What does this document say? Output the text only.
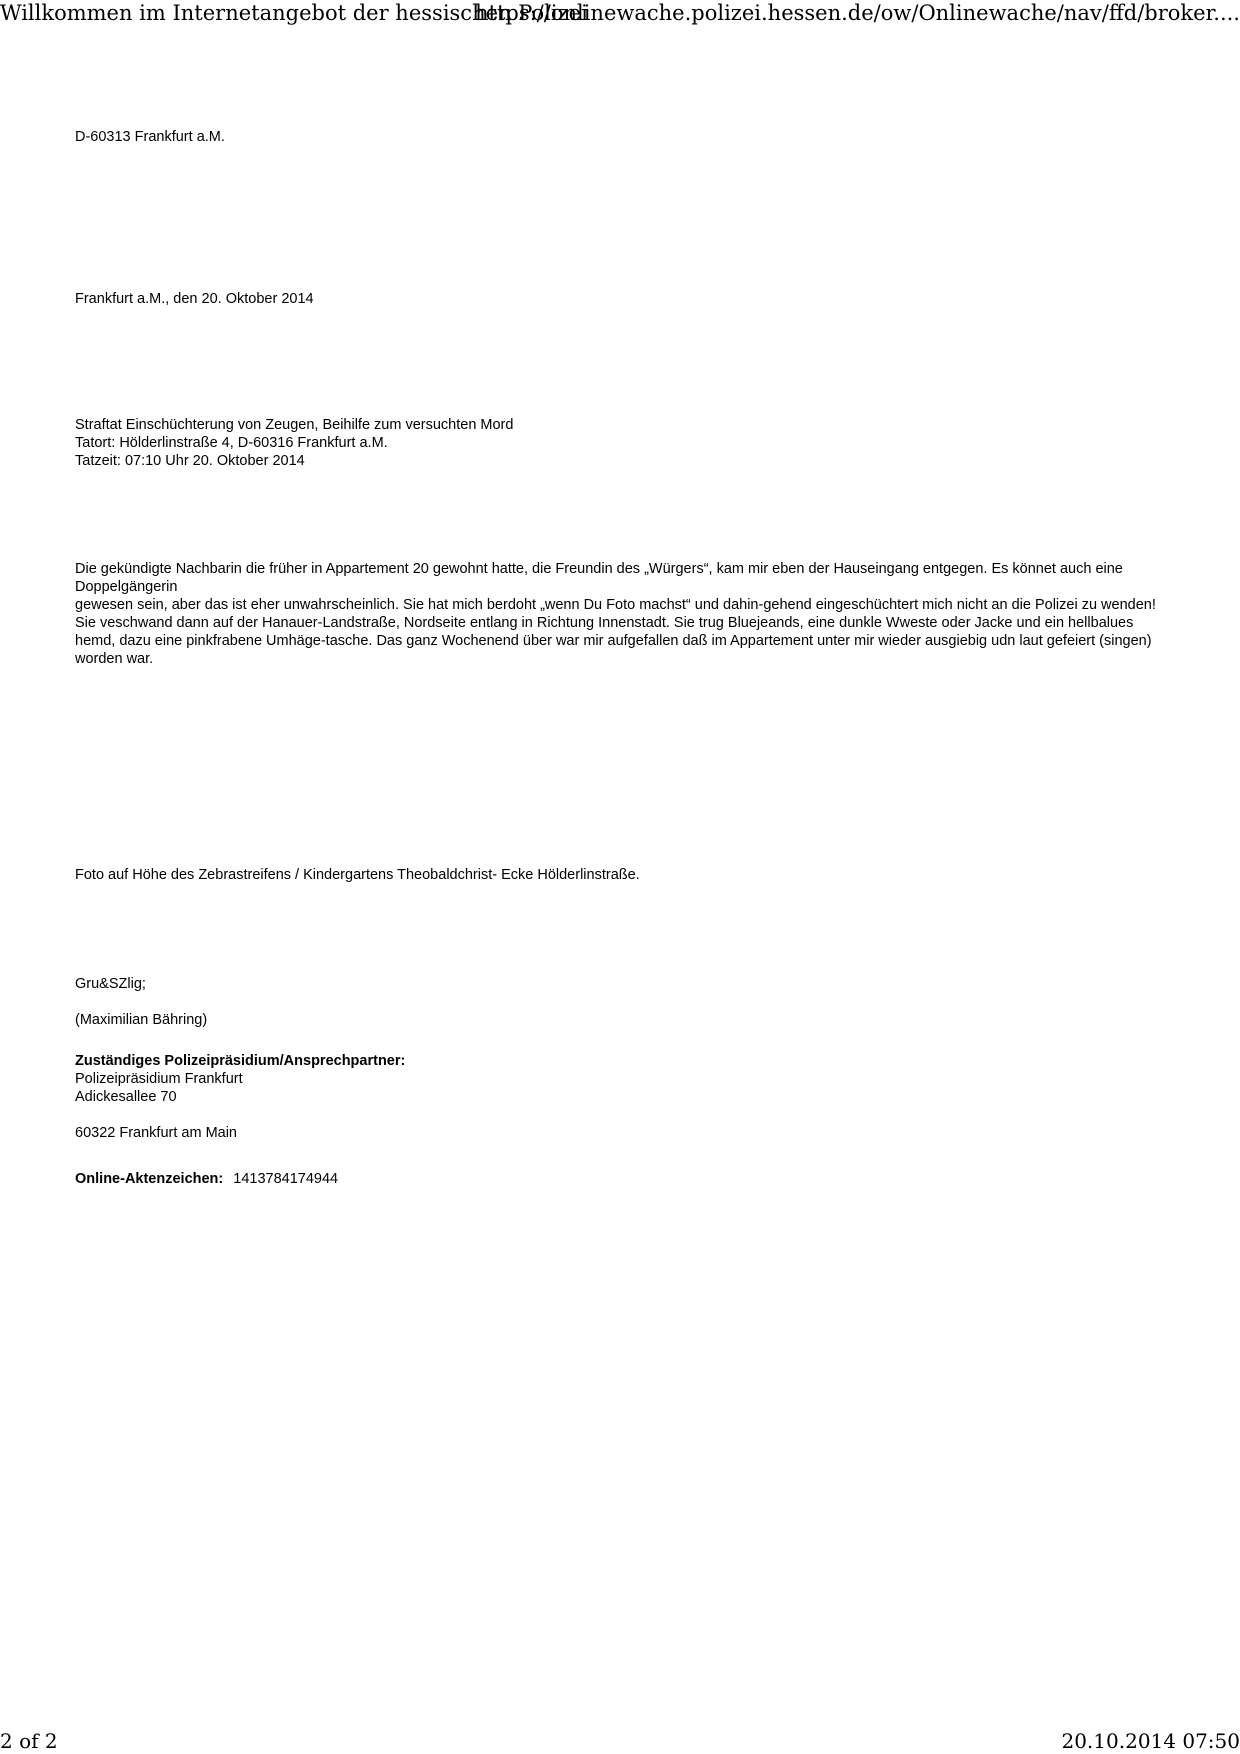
Willkommen im Internetangebot der hessischen Polizei
https://onlinewache.polizei.hessen.de/ow/Onlinewache/nav/ffd/broker....
D-60313 Frankfurt a.M.
Frankfurt a.M., den 20. Oktober 2014
Straftat Einschüchterung von Zeugen, Beihilfe zum versuchten Mord
Tatort: Hölderlinstraße 4, D-60316 Frankfurt a.M.
Tatzeit: 07:10 Uhr 20. Oktober 2014

Die gekündigte Nachbarin die früher in Appartement 20 gewohnt hatte, die Freundin des „Würgers“, kam mir eben der Hauseingang entgegen. Es könnet auch eine Doppelgängerin

gewesen sein, aber das ist eher unwahrscheinlich. Sie hat mich berdoht „wenn Du Foto machst“ und dahin-gehend eingeschüchtert mich nicht an die Polizei zu wenden! Sie veschwand dann auf der Hanauer-Landstraße, Nordseite entlang in Richtung Innenstadt. Sie trug Bluejeands, eine dunkle Wweste oder Jacke und ein hellbalues hemd, dazu eine pinkfrabene Umhäge-tasche. Das ganz Wochenend über war mir aufgefallen daß im Appartement unter mir wieder ausgiebig udn laut gefeiert (singen) worden war.

Foto auf Höhe des Zebrastreifens / Kindergartens Theobaldchrist- Ecke Hölderlinstraße.
Gru&SZlig;
(Maximilian Bähring)
Zuständiges Polizeipräsidium/Ansprechpartner:
Polizeipräsidium Frankfurt
Adickesallee 70
60322 Frankfurt am Main
Online-Aktenzeichen: 1413784174944
2 of 2	20.10.2014 07:50
